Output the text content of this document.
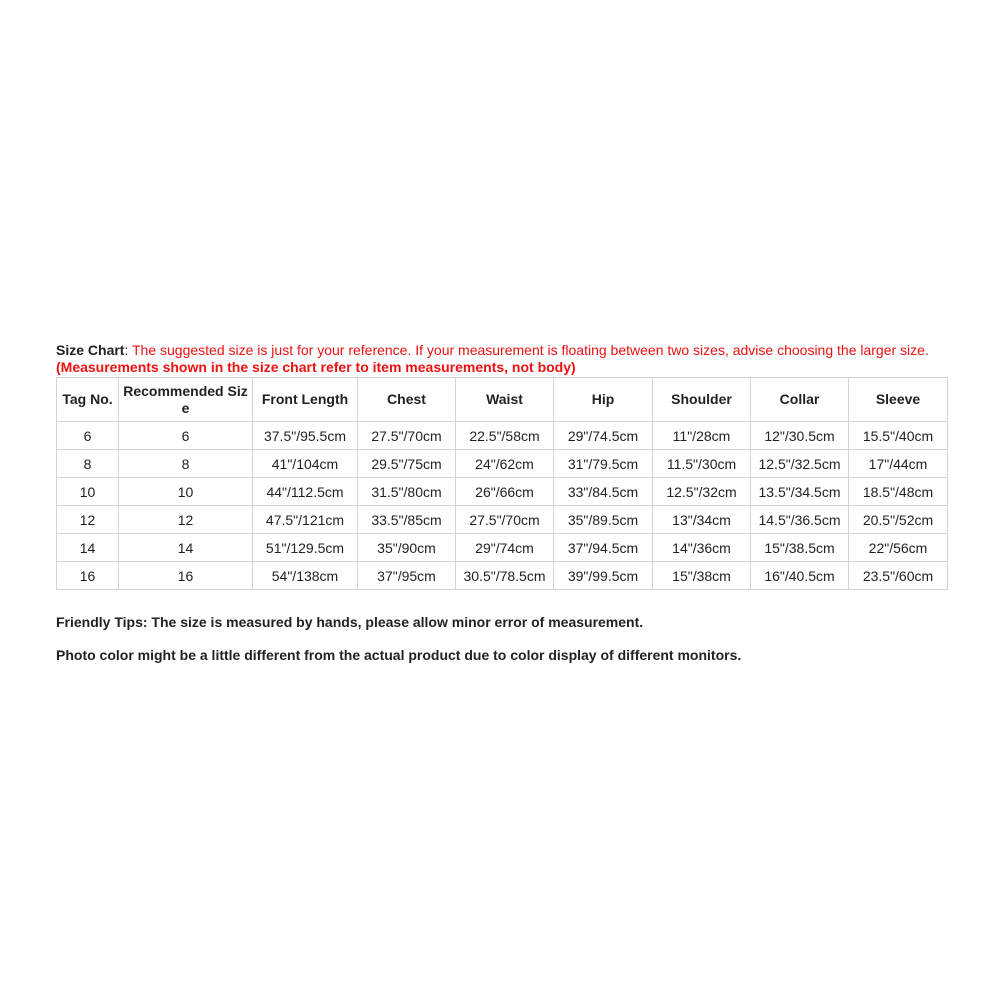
Size Chart: The suggested size is just for your reference. If your measurement is floating between two sizes, advise choosing the larger size. (Measurements shown in the size chart refer to item measurements, not body)

Tag No.	Recommended Size	Front Length	Chest	Waist	Hip	Shoulder	Collar	Sleeve
6	6	37.5"/95.5cm	27.5"/70cm	22.5"/58cm	29"/74.5cm	11"/28cm	12"/30.5cm	15.5"/40cm
8	8	41"/104cm	29.5"/75cm	24"/62cm	31"/79.5cm	11.5"/30cm	12.5"/32.5cm	17"/44cm
10	10	44"/112.5cm	31.5"/80cm	26"/66cm	33"/84.5cm	12.5"/32cm	13.5"/34.5cm	18.5"/48cm
12	12	47.5"/121cm	33.5"/85cm	27.5"/70cm	35"/89.5cm	13"/34cm	14.5"/36.5cm	20.5"/52cm
14	14	51"/129.5cm	35"/90cm	29"/74cm	37"/94.5cm	14"/36cm	15"/38.5cm	22"/56cm
16	16	54"/138cm	37"/95cm	30.5"/78.5cm	39"/99.5cm	15"/38cm	16"/40.5cm	23.5"/60cm

Friendly Tips: The size is measured by hands, please allow minor error of measurement.

Photo color might be a little different from the actual product due to color display of different monitors.
